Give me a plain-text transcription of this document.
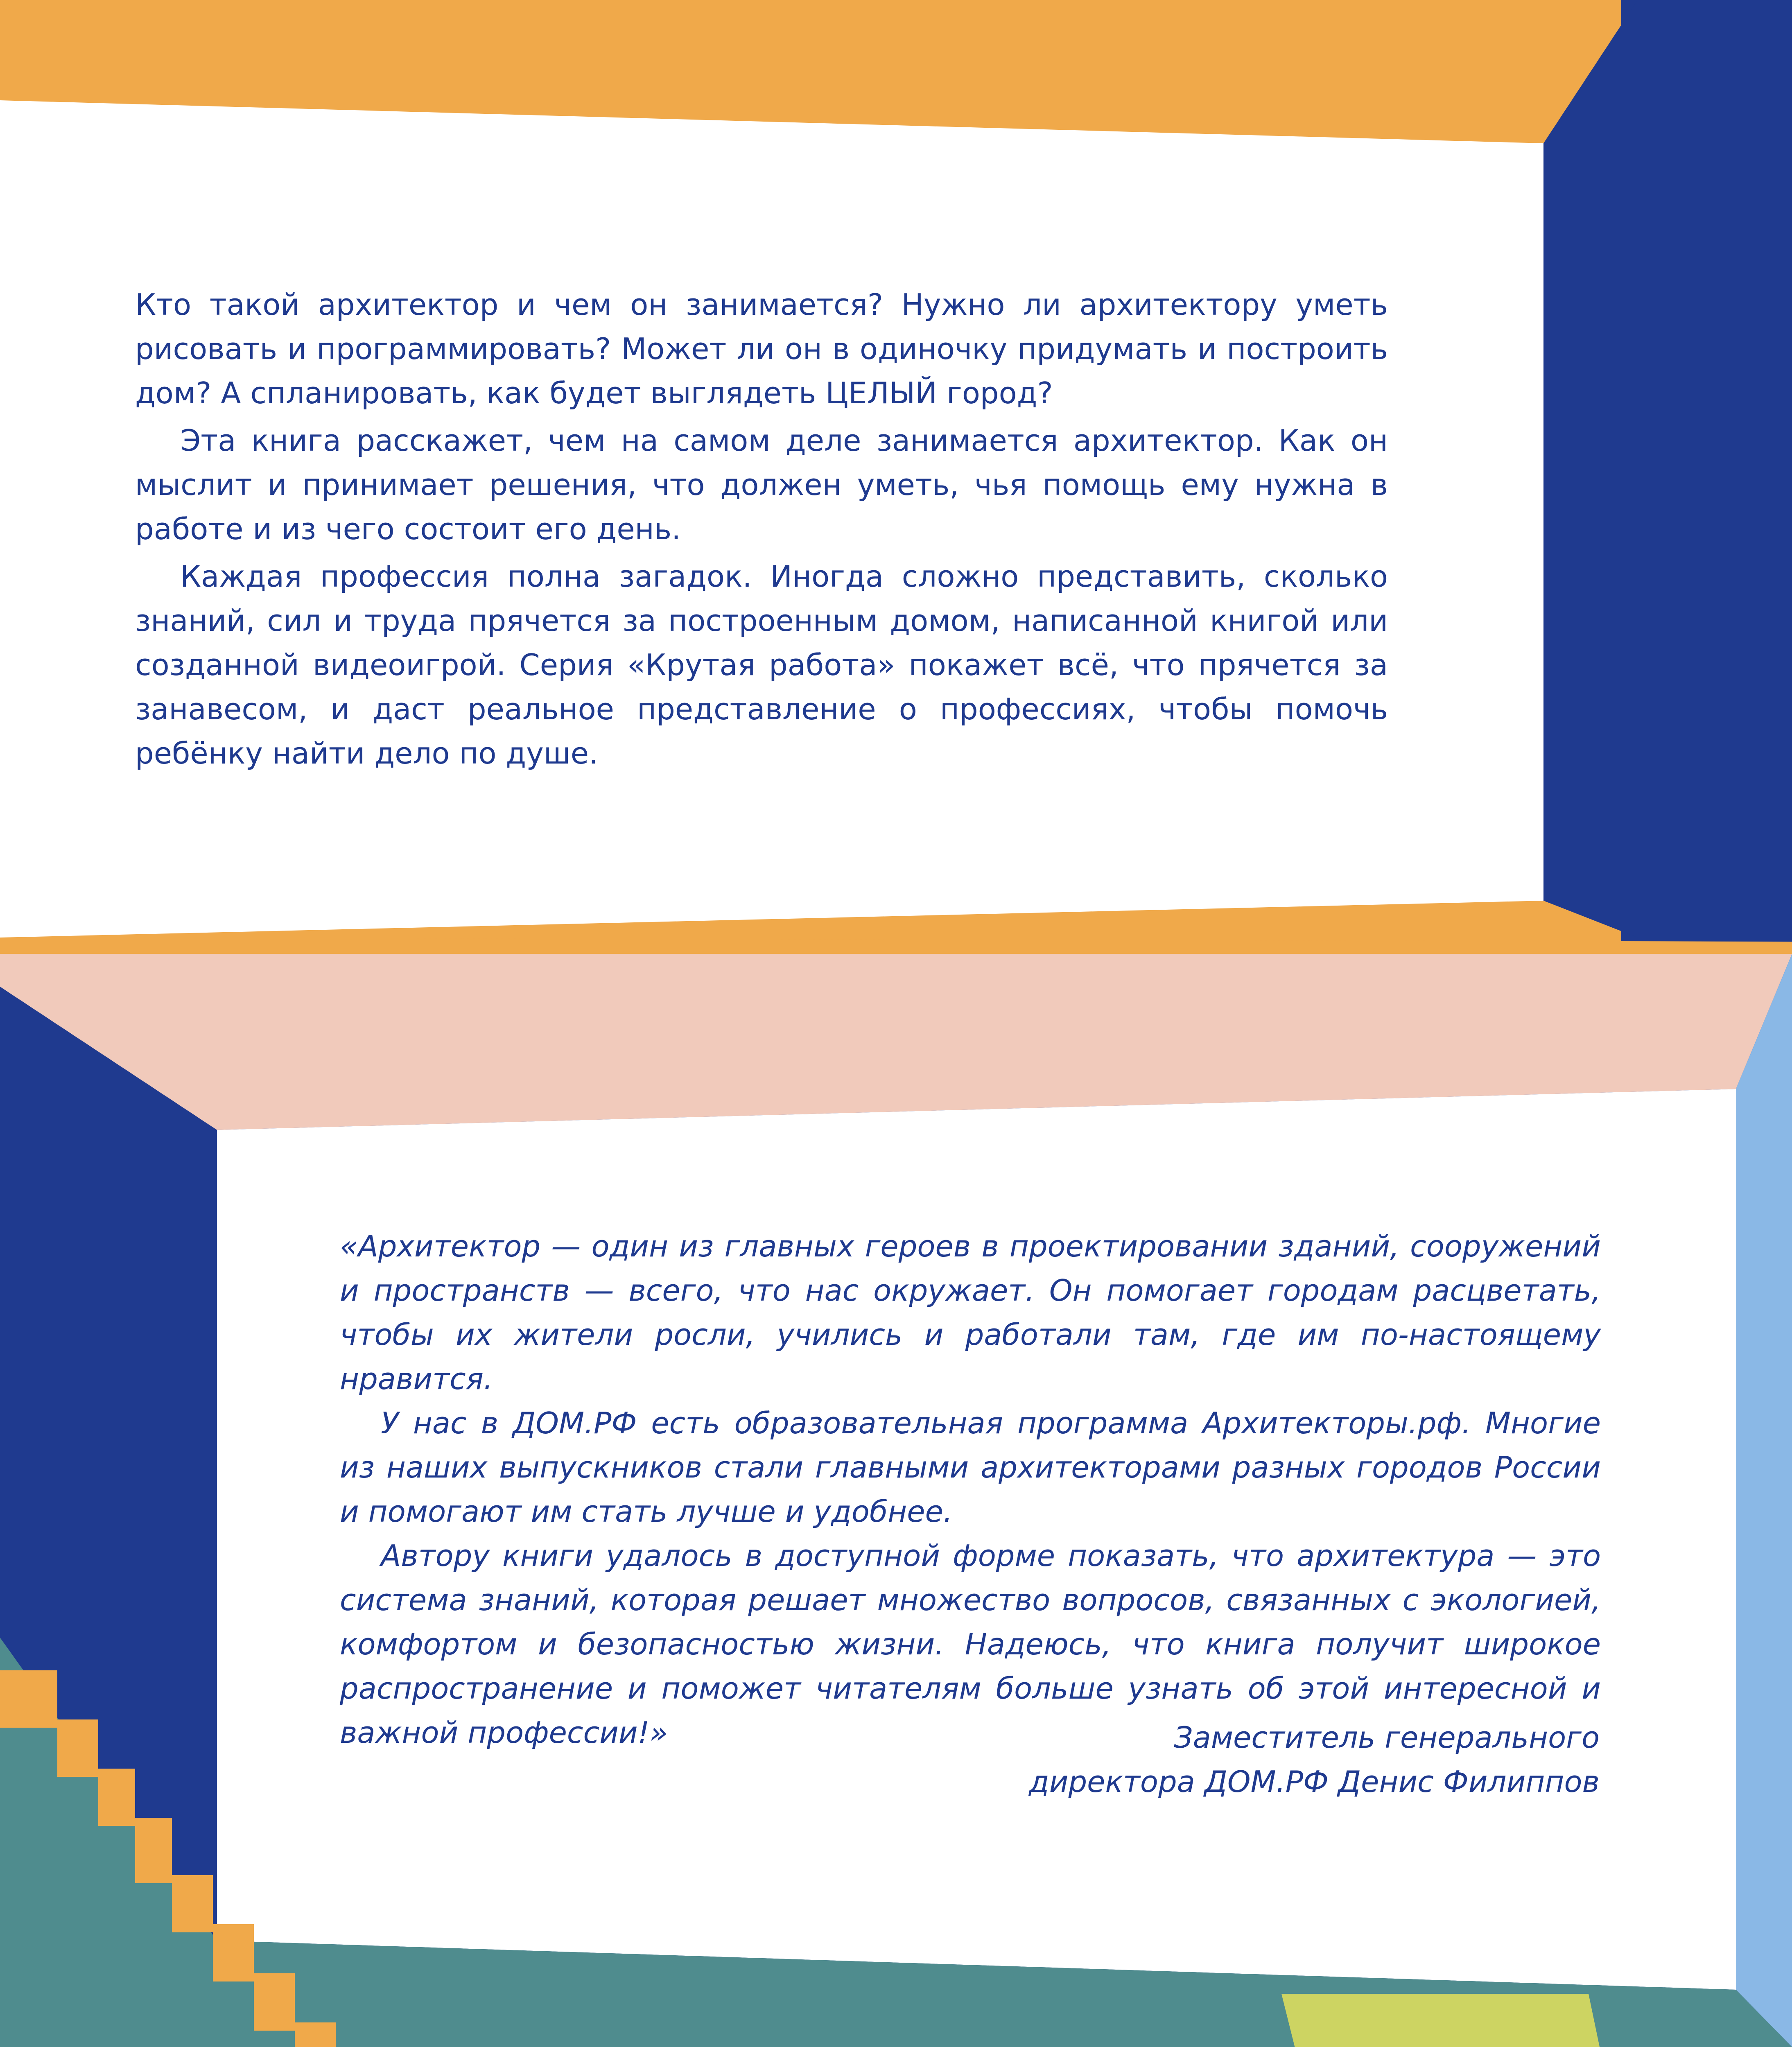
Кто такой архитектор и чем он занимается? Нужно ли архитектору уметь рисовать и программировать? Может ли он в одиночку придумать и построить дом? А спланировать, как будет выглядеть ЦЕЛЫЙ город?

Эта книга расскажет, чем на самом деле занимается архитектор. Как он мыслит и принимает решения, что должен уметь, чья помощь ему нужна в работе и из чего состоит его день.

Каждая профессия полна загадок. Иногда сложно представить, сколько знаний, сил и труда прячется за построенным домом, написанной книгой или созданной видеоигрой. Серия «Крутая работа» покажет всё, что прячется за занавесом, и даст реальное представление о профессиях, чтобы помочь ребёнку найти дело по душе.

«Архитектор — один из главных героев в проектировании зданий, сооружений и пространств — всего, что нас окружает. Он помогает городам расцветать, чтобы их жители росли, учились и работали там, где им по-настоящему нравится.

У нас в ДОМ.РФ есть образовательная программа Архитекторы.рф. Многие из наших выпускников стали главными архитекторами разных городов России и помогают им стать лучше и удобнее.

Автору книги удалось в доступной форме показать, что архитектура — это система знаний, которая решает множество вопросов, связанных с экологией, комфортом и безопасностью жизни. Надеюсь, что книга получит широкое распространение и поможет читателям больше узнать об этой интересной и важной профессии!»	Заместитель генерального
директора ДОМ.РФ Денис Филиппов
